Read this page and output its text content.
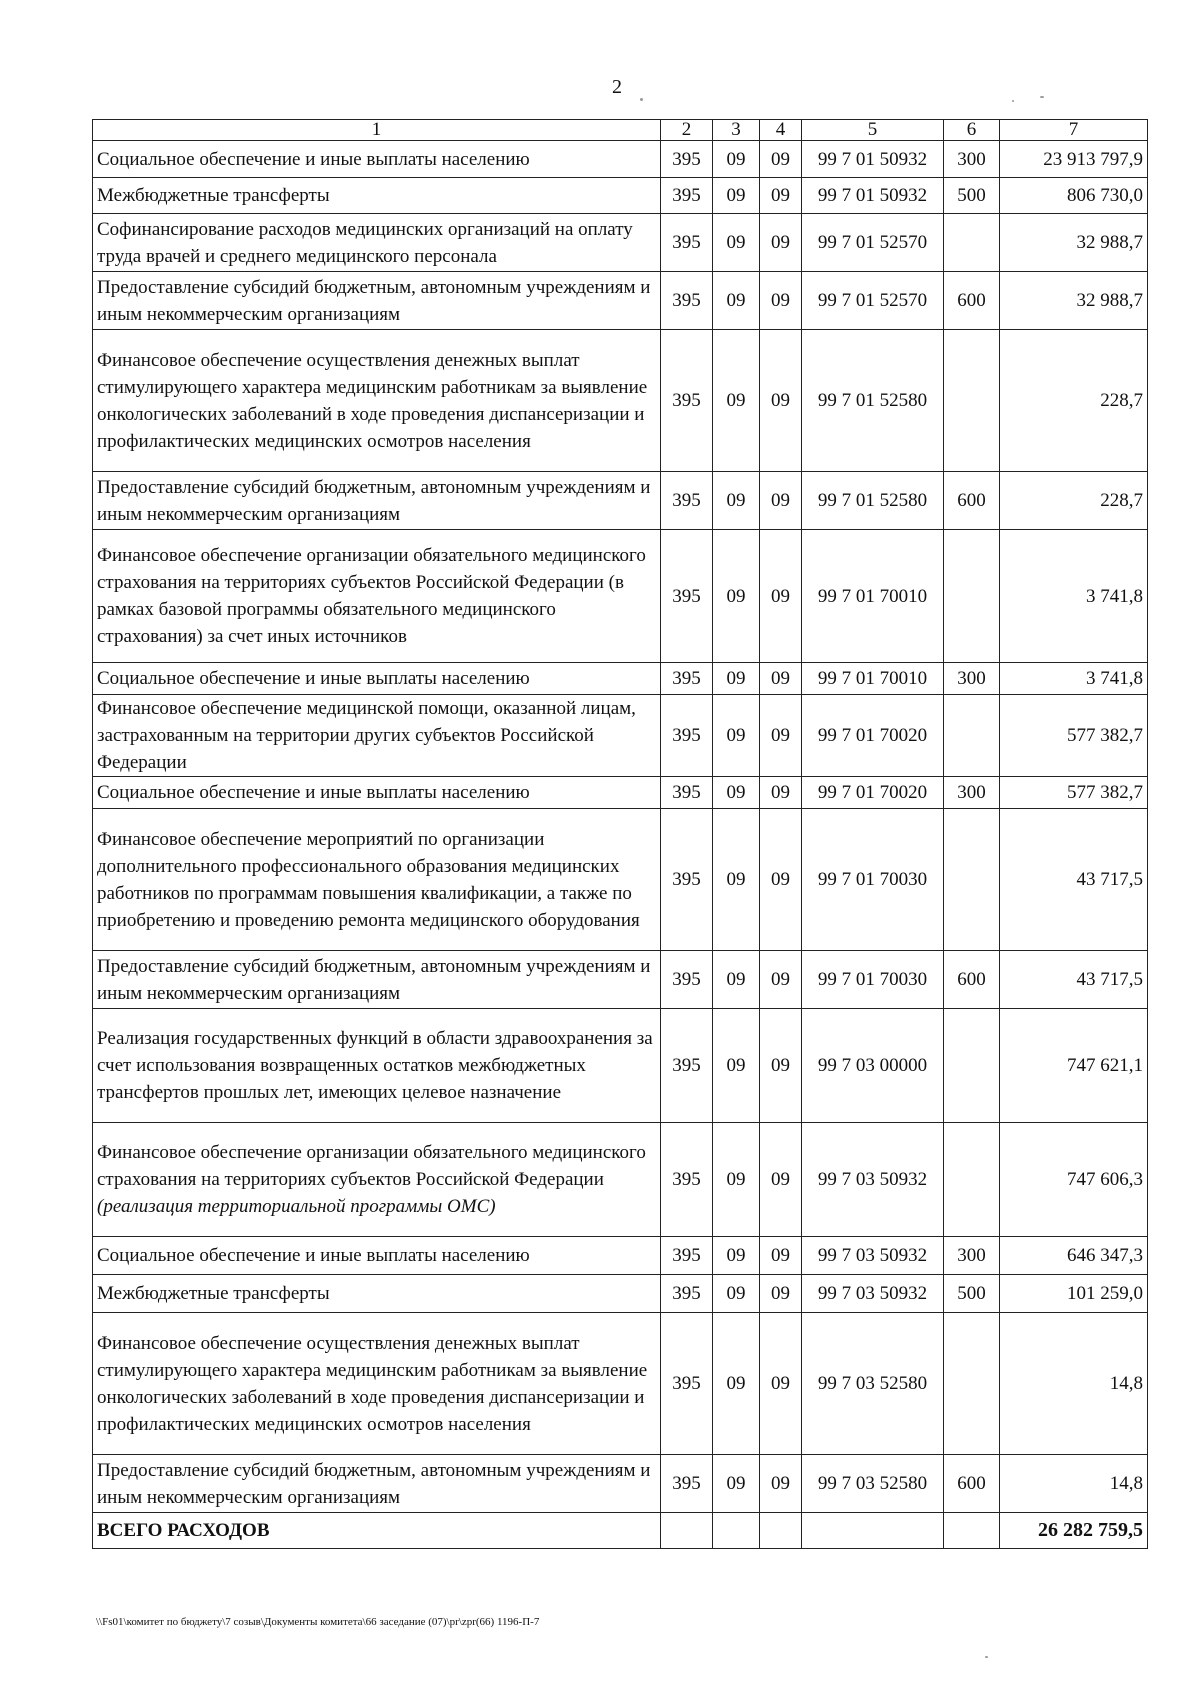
2
1	2	3	4	5	6	7
Социальное обеспечение и иные выплаты населению	395	09	09	99 7 01 50932	300	23 913 797,9
Межбюджетные трансферты	395	09	09	99 7 01 50932	500	806 730,0
Софинансирование расходов медицинских организаций на оплату труда врачей и среднего медицинского персонала	395	09	09	99 7 01 52570		32 988,7
Предоставление субсидий бюджетным, автономным учреждениям и иным некоммерческим организациям	395	09	09	99 7 01 52570	600	32 988,7
Финансовое обеспечение осуществления денежных выплат стимулирующего характера медицинским работникам за выявление онкологических заболеваний в ходе проведения диспансеризации и профилактических медицинских осмотров населения	395	09	09	99 7 01 52580		228,7
Предоставление субсидий бюджетным, автономным учреждениям и иным некоммерческим организациям	395	09	09	99 7 01 52580	600	228,7
Финансовое обеспечение организации обязательного медицинского страхования на территориях субъектов Российской Федерации (в рамках базовой программы обязательного медицинского страхования) за счет иных источников	395	09	09	99 7 01 70010		3 741,8
Социальное обеспечение и иные выплаты населению	395	09	09	99 7 01 70010	300	3 741,8
Финансовое обеспечение медицинской помощи, оказанной лицам, застрахованным на территории других субъектов Российской Федерации	395	09	09	99 7 01 70020		577 382,7
Социальное обеспечение и иные выплаты населению	395	09	09	99 7 01 70020	300	577 382,7
Финансовое обеспечение мероприятий по организации дополнительного профессионального образования медицинских работников по программам повышения квалификации, а также по приобретению и проведению ремонта медицинского оборудования	395	09	09	99 7 01 70030		43 717,5
Предоставление субсидий бюджетным, автономным учреждениям и иным некоммерческим организациям	395	09	09	99 7 01 70030	600	43 717,5
Реализация государственных функций в области здравоохранения за счет использования возвращенных остатков межбюджетных трансфертов прошлых лет, имеющих целевое назначение	395	09	09	99 7 03 00000		747 621,1
Финансовое обеспечение организации обязательного медицинского страхования на территориях субъектов Российской Федерации (реализация территориальной программы ОМС)	395	09	09	99 7 03 50932		747 606,3
Социальное обеспечение и иные выплаты населению	395	09	09	99 7 03 50932	300	646 347,3
Межбюджетные трансферты	395	09	09	99 7 03 50932	500	101 259,0
Финансовое обеспечение осуществления денежных выплат стимулирующего характера медицинским работникам за выявление онкологических заболеваний в ходе проведения диспансеризации и профилактических медицинских осмотров населения	395	09	09	99 7 03 52580		14,8
Предоставление субсидий бюджетным, автономным учреждениям и иным некоммерческим организациям	395	09	09	99 7 03 52580	600	14,8
ВСЕГО РАСХОДОВ						26 282 759,5
\\Fs01\комитет по бюджету\7 созыв\Документы комитета\66 заседание (07)\pr\zpr(66) 1196-П-7
